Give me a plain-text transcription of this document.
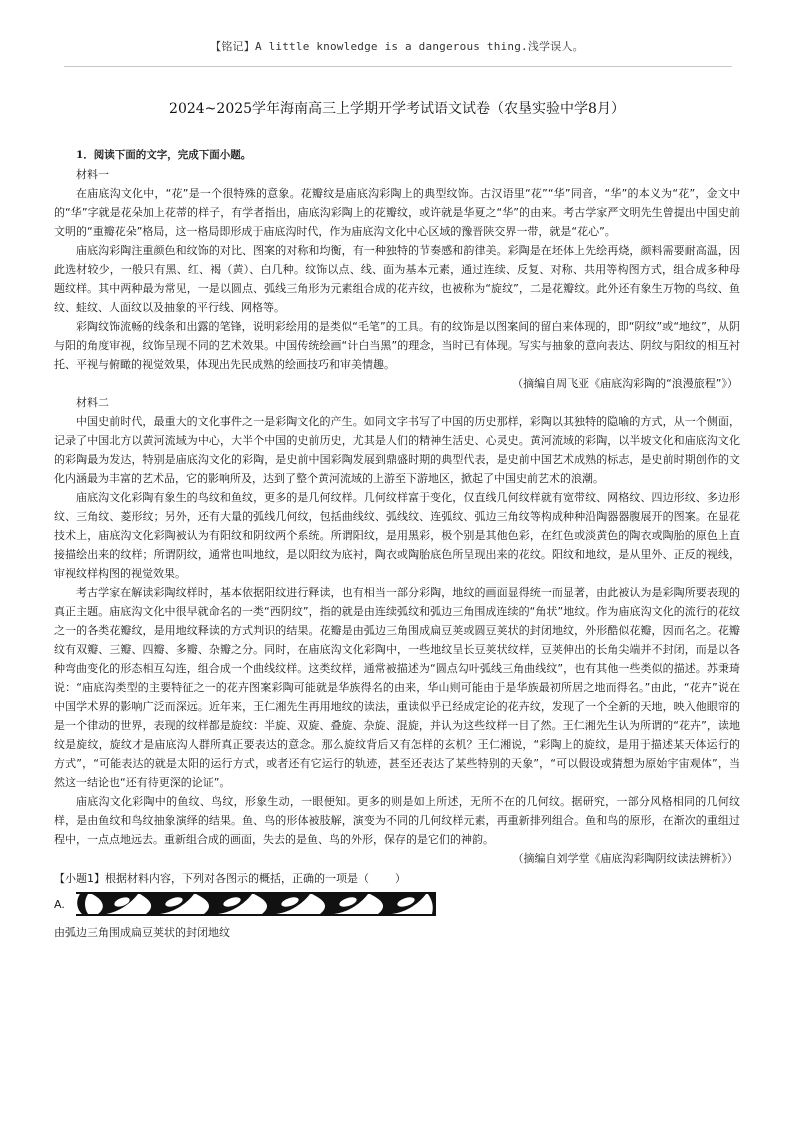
【铭记】A little knowledge is a dangerous thing.浅学误人。
2024~2025学年海南高三上学期开学考试语文试卷（农垦实验中学8月）
1．阅读下面的文字，完成下面小题。
材料一
在庙底沟文化中，“花”是一个很特殊的意象。花瓣纹是庙底沟彩陶上的典型纹饰。古汉语里“花”“华”同音，“华”的本义为“花”，金文中的“华”字就是花朵加上花蒂的样子，有学者指出，庙底沟彩陶上的花瓣纹，或许就是华夏之“华”的由来。考古学家严文明先生曾提出中国史前文明的“重瓣花朵”格局，这一格局即形成于庙底沟时代，作为庙底沟文化中心区域的豫晋陕交界一带，就是“花心”。
庙底沟彩陶注重颜色和纹饰的对比、图案的对称和均衡，有一种独特的节奏感和韵律美。彩陶是在坯体上先绘再烧，颜料需要耐高温，因此选材较少，一般只有黑、红、褐（黄）、白几种。纹饰以点、线、面为基本元素，通过连续、反复、对称、共用等构图方式，组合成多种母题纹样。其中两种最为常见，一是以圆点、弧线三角形为元素组合成的花卉纹，也被称为“旋纹”，二是花瓣纹。此外还有象生万物的鸟纹、鱼纹、蛙纹、人面纹以及抽象的平行线、网格等。
彩陶纹饰流畅的线条和出露的笔锋，说明彩绘用的是类似“毛笔”的工具。有的纹饰是以图案间的留白来体现的，即“阴纹”或“地纹”，从阴与阳的角度审视，纹饰呈现不同的艺术效果。中国传统绘画“计白当黑”的理念，当时已有体现。写实与抽象的意向表达、阴纹与阳纹的相互衬托、平视与俯瞰的视觉效果，体现出先民成熟的绘画技巧和审美情趣。
（摘编自周飞亚《庙底沟彩陶的“浪漫旅程”》）
材料二
中国史前时代，最重大的文化事件之一是彩陶文化的产生。如同文字书写了中国的历史那样，彩陶以其独特的隐喻的方式，从一个侧面，记录了中国北方以黄河流域为中心，大半个中国的史前历史，尤其是人们的精神生活史、心灵史。黄河流域的彩陶，以半坡文化和庙底沟文化的彩陶最为发达，特别是庙底沟文化的彩陶，是史前中国彩陶发展到鼎盛时期的典型代表，是史前中国艺术成熟的标志，是史前时期创作的文化内涵最为丰富的艺术品，它的影响所及，达到了整个黄河流域的上游至下游地区，掀起了中国史前艺术的浪潮。
庙底沟文化彩陶有象生的鸟纹和鱼纹，更多的是几何纹样。几何纹样富于变化，仅直线几何纹样就有宽带纹、网格纹、四边形纹、多边形纹、三角纹、菱形纹；另外，还有大量的弧线几何纹，包括曲线纹、弧线纹、连弧纹、弧边三角纹等构成种种沿陶器器腹展开的图案。在显花技术上，庙底沟文化彩陶被认为有阳纹和阴纹两个系统。所谓阳纹，是用黑彩，极个别是其他色彩，在红色或淡黄色的陶衣或陶胎的原色上直接描绘出来的纹样；所谓阴纹，通常也叫地纹，是以阳纹为底衬，陶衣或陶胎底色所呈现出来的花纹。阳纹和地纹，是从里外、正反的视线，审视纹样构图的视觉效果。
考古学家在解读彩陶纹样时，基本依据阳纹进行释读，也有相当一部分彩陶，地纹的画面显得统一而显著，由此被认为是彩陶所要表现的真正主题。庙底沟文化中很早就命名的一类“西阴纹”，指的就是由连续弧纹和弧边三角围成连续的“角状”地纹。作为庙底沟文化的流行的花纹之一的各类花瓣纹，是用地纹释读的方式判识的结果。花瓣是由弧边三角围成扁豆荚或圆豆荚状的封闭地纹，外形酷似花瓣，因而名之。花瓣纹有双瓣、三瓣、四瓣、多瓣、杂瓣之分。同时，在庙底沟文化彩陶中，一些地纹呈长豆荚状纹样，豆荚伸出的长角尖端并不封闭，而是以各种弯曲变化的形态相互勾连，组合成一个曲线纹样。这类纹样，通常被描述为“圆点勾叶弧线三角曲线纹”，也有其他一些类似的描述。苏秉琦说：“庙底沟类型的主要特征之一的花卉图案彩陶可能就是华族得名的由来，华山则可能由于是华族最初所居之地而得名。”由此，“花卉”说在中国学术界的影响广泛而深远。近年来，王仁湘先生再用地纹的读法，重读似乎已经成定论的花卉纹，发现了一个全新的天地，映入他眼帘的是一个律动的世界，表现的纹样都是旋纹：半旋、双旋、叠旋、杂旋、混旋，并认为这些纹样一目了然。王仁湘先生认为所谓的“花卉”，读地纹是旋纹，旋纹才是庙底沟人群所真正要表达的意念。那么旋纹背后又有怎样的玄机？王仁湘说，“彩陶上的旋纹，是用于描述某天体运行的方式”，“可能表达的就是太阳的运行方式，或者还有它运行的轨迹，甚至还表达了某些特别的天象”，“可以假设或猜想为原始宇宙观体”，当然这一结论也“还有待更深的论证”。
庙底沟文化彩陶中的鱼纹、鸟纹，形象生动，一眼便知。更多的则是如上所述，无所不在的几何纹。据研究，一部分风格相同的几何纹样，是由鱼纹和鸟纹抽象演绎的结果。鱼、鸟的形体被肢解，演变为不同的几何纹样元素，再重新排列组合。鱼和鸟的原形，在渐次的重组过程中，一点点地远去。重新组合成的画面，失去的是鱼、鸟的外形，保存的是它们的神韵。
（摘编自刘学堂《庙底沟彩陶阴纹读法辨析》）
【小题1】根据材料内容，下列对各图示的概括，正确的一项是（ ）
A.
由弧边三角围成扁豆荚状的封闭地纹
